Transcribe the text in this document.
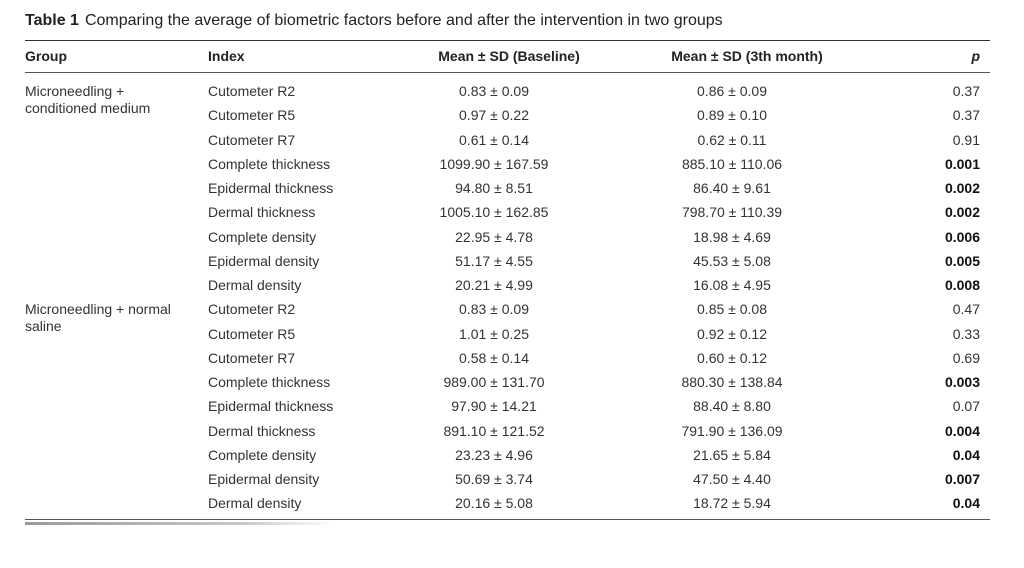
Table 1 Comparing the average of biometric factors before and after the intervention in two groups
Group	Index	Mean ± SD (Baseline)	Mean ± SD (3th month)	p
Microneedling + conditioned medium
Cutometer R2	0.83 ± 0.09	0.86 ± 0.09	0.37
Cutometer R5	0.97 ± 0.22	0.89 ± 0.10	0.37
Cutometer R7	0.61 ± 0.14	0.62 ± 0.11	0.91
Complete thickness	1099.90 ± 167.59	885.10 ± 110.06	0.001
Epidermal thickness	94.80 ± 8.51	86.40 ± 9.61	0.002
Dermal thickness	1005.10 ± 162.85	798.70 ± 110.39	0.002
Complete density	22.95 ± 4.78	18.98 ± 4.69	0.006
Epidermal density	51.17 ± 4.55	45.53 ± 5.08	0.005
Dermal density	20.21 ± 4.99	16.08 ± 4.95	0.008
Microneedling + normal saline
Cutometer R2	0.83 ± 0.09	0.85 ± 0.08	0.47
Cutometer R5	1.01 ± 0.25	0.92 ± 0.12	0.33
Cutometer R7	0.58 ± 0.14	0.60 ± 0.12	0.69
Complete thickness	989.00 ± 131.70	880.30 ± 138.84	0.003
Epidermal thickness	97.90 ± 14.21	88.40 ± 8.80	0.07
Dermal thickness	891.10 ± 121.52	791.90 ± 136.09	0.004
Complete density	23.23 ± 4.96	21.65 ± 5.84	0.04
Epidermal density	50.69 ± 3.74	47.50 ± 4.40	0.007
Dermal density	20.16 ± 5.08	18.72 ± 5.94	0.04
